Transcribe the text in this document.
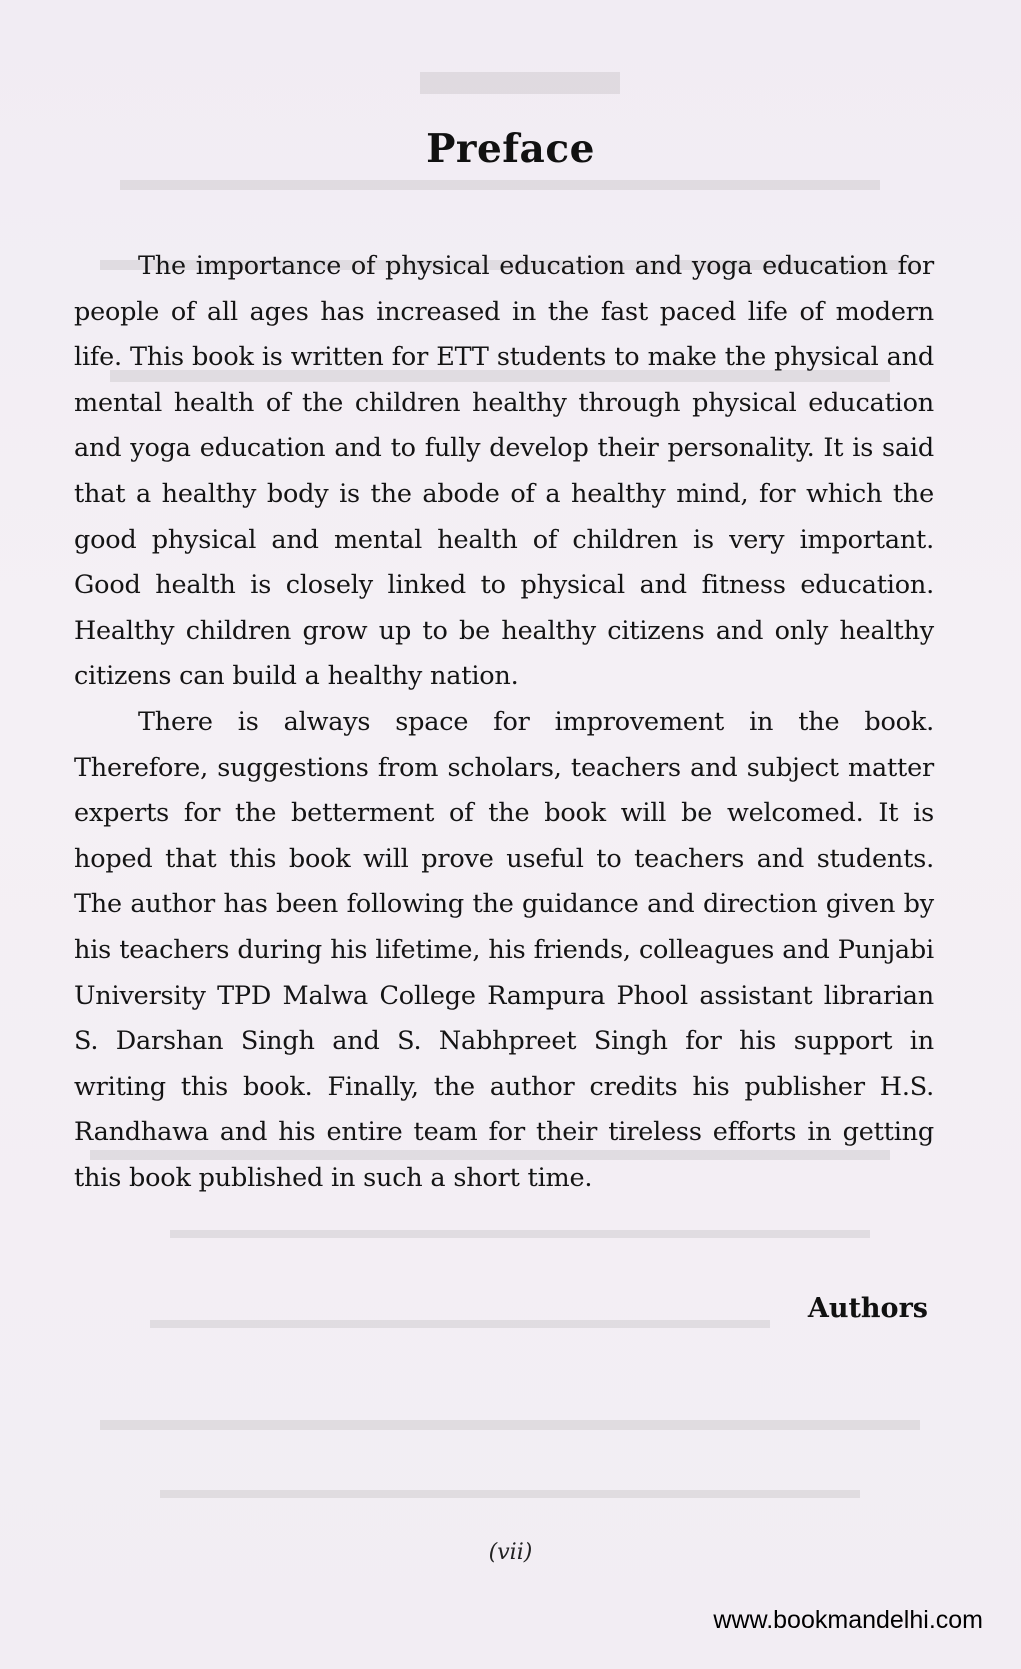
Preface

The importance of physical education and yoga education for people of all ages has increased in the fast paced life of modern life. This book is written for ETT students to make the physical and mental health of the children healthy through physical education and yoga education and to fully develop their personality. It is said that a healthy body is the abode of a healthy mind, for which the good physical and mental health of children is very important. Good health is closely linked to physical and fitness education. Healthy children grow up to be healthy citizens and only healthy citizens can build a healthy nation.

There is always space for improvement in the book. Therefore, suggestions from scholars, teachers and subject matter experts for the betterment of the book will be welcomed. It is hoped that this book will prove useful to teachers and students. The author has been following the guidance and direction given by his teachers during his lifetime, his friends, colleagues and Punjabi University TPD Malwa College Rampura Phool assistant librarian S. Darshan Singh and S. Nabhpreet Singh for his support in writing this book. Finally, the author credits his publisher H.S. Randhawa and his entire team for their tireless efforts in getting this book published in such a short time.

Authors
(vii)
www.bookmandelhi.com
